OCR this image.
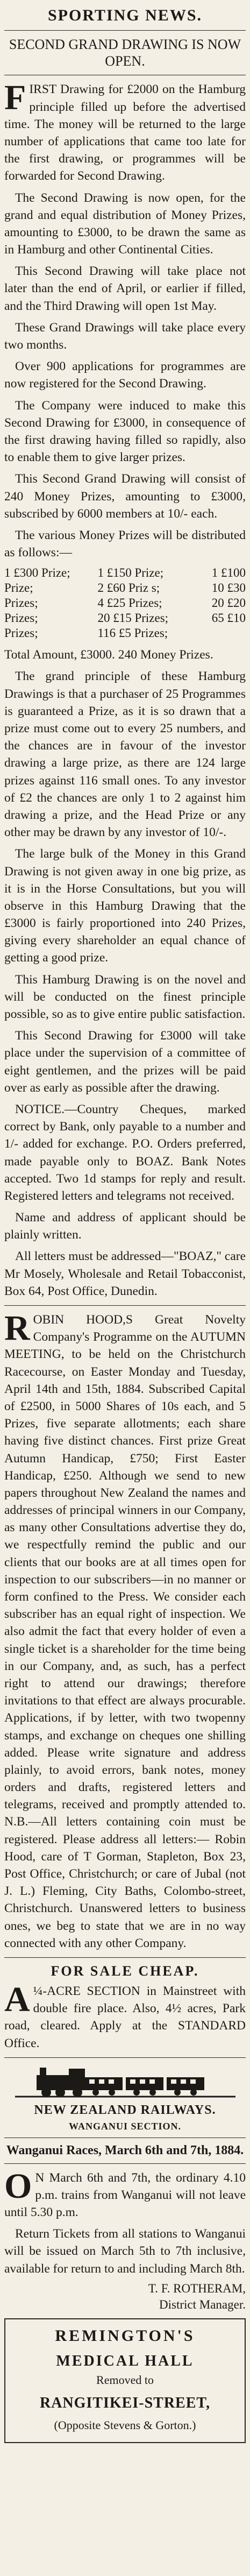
SPORTING NEWS.
SECOND GRAND DRAWING IS NOW OPEN.

FIRST Drawing for £2000 on the Hamburg principle filled up before the advertised time. The money will be returned to the large number of applications that came too late for the first drawing, or programmes will be forwarded for Second Drawing.

The Second Drawing is now open, for the grand and equal distribution of Money Prizes, amounting to £3000, to be drawn the same as in Hamburg and other Continental Cities.

This Second Drawing will take place not later than the end of April, or earlier if filled, and the Third Drawing will open 1st May.

These Grand Drawings will take place every two months.

Over 900 applications for programmes are now registered for the Second Drawing.

The Company were induced to make this Second Drawing for £3000, in consequence of the first drawing having filled so rapidly, also to enable them to give larger prizes.

This Second Grand Drawing will consist of 240 Money Prizes, amounting to £3000, subscribed by 6000 members at 10/- each.

The various Money Prizes will be distributed as follows:—

1 £300 Prize;	1 £150 Prize;	1 £100
Prize;	2 £60 Priz s;	10 £30
Prizes;	4 £25 Prizes;	20 £20
Prizes;	20 £15 Prizes;	65 £10
Prizes;	116 £5 Prizes;	

Total Amount, £3000. 240 Money Prizes.

The grand principle of these Hamburg Drawings is that a purchaser of 25 Programmes is guaranteed a Prize, as it is so drawn that a prize must come out to every 25 numbers, and the chances are in favour of the investor drawing a large prize, as there are 124 large prizes against 116 small ones. To any investor of £2 the chances are only 1 to 2 against him drawing a prize, and the Head Prize or any other may be drawn by any investor of 10/-.

The large bulk of the Money in this Grand Drawing is not given away in one big prize, as it is in the Horse Consultations, but you will observe in this Hamburg Drawing that the £3000 is fairly proportioned into 240 Prizes, giving every shareholder an equal chance of getting a good prize.

This Hamburg Drawing is on the novel and will be conducted on the finest principle possible, so as to give entire public satisfaction.

This Second Drawing for £3000 will take place under the supervision of a committee of eight gentlemen, and the prizes will be paid over as early as possible after the drawing.

NOTICE.—Country Cheques, marked correct by Bank, only payable to a number and 1/- added for exchange. P.O. Orders preferred, made payable only to BOAZ. Bank Notes accepted. Two 1d stamps for reply and result. Registered letters and telegrams not received.

Name and address of applicant should be plainly written.

All letters must be addressed—"BOAZ," care Mr Mosely, Wholesale and Retail Tobacconist, Box 64, Post Office, Dunedin.

ROBIN HOOD,S Great Novelty Company's Programme on the AUTUMN MEETING, to be held on the Christchurch Racecourse, on Easter Monday and Tuesday, April 14th and 15th, 1884. Subscribed Capital of £2500, in 5000 Shares of 10s each, and 5 Prizes, five separate allotments; each share having five distinct chances. First prize Great Autumn Handicap, £750; First Easter Handicap, £250. Although we send to new papers throughout New Zealand the names and addresses of principal winners in our Company, as many other Consultations advertise they do, we respectfully remind the public and our clients that our books are at all times open for inspection to our subscribers—in no manner or form confined to the Press. We consider each subscriber has an equal right of inspection. We also admit the fact that every holder of even a single ticket is a shareholder for the time being in our Company, and, as such, has a perfect right to attend our drawings; therefore invitations to that effect are always procurable. Applications, if by letter, with two twopenny stamps, and exchange on cheques one shilling added. Please write signature and address plainly, to avoid errors, bank notes, money orders and drafts, registered letters and telegrams, received and promptly attended to. N.B.—All letters containing coin must be registered. Please address all letters:— Robin Hood, care of T Gorman, Stapleton, Box 23, Post Office, Christchurch; or care of Jubal (not J. L.) Fleming, City Baths, Colombo-street, Christchurch. Unanswered letters to business ones, we beg to state that we are in no way connected with any other Company.

FOR SALE CHEAP.

A ¼-ACRE SECTION in Mainstreet with double fire place. Also, 4½ acres, Park road, cleared. Apply at the STANDARD Office.

NEW ZEALAND RAILWAYS.
WANGANUI SECTION.
Wanganui Races, March 6th and 7th, 1884.

O N March 6th and 7th, the ordinary 4.10 p.m. trains from Wanganui will not leave until 5.30 p.m.

Return Tickets from all stations to Wanganui will be issued on March 5th to 7th inclusive, available for return to and including March 8th.

T. F. ROTHERAM,
District Manager.
REMINGTON'S
MEDICAL HALL
Removed to
RANGITIKEI-STREET,
(Opposite Stevens & Gorton.)
